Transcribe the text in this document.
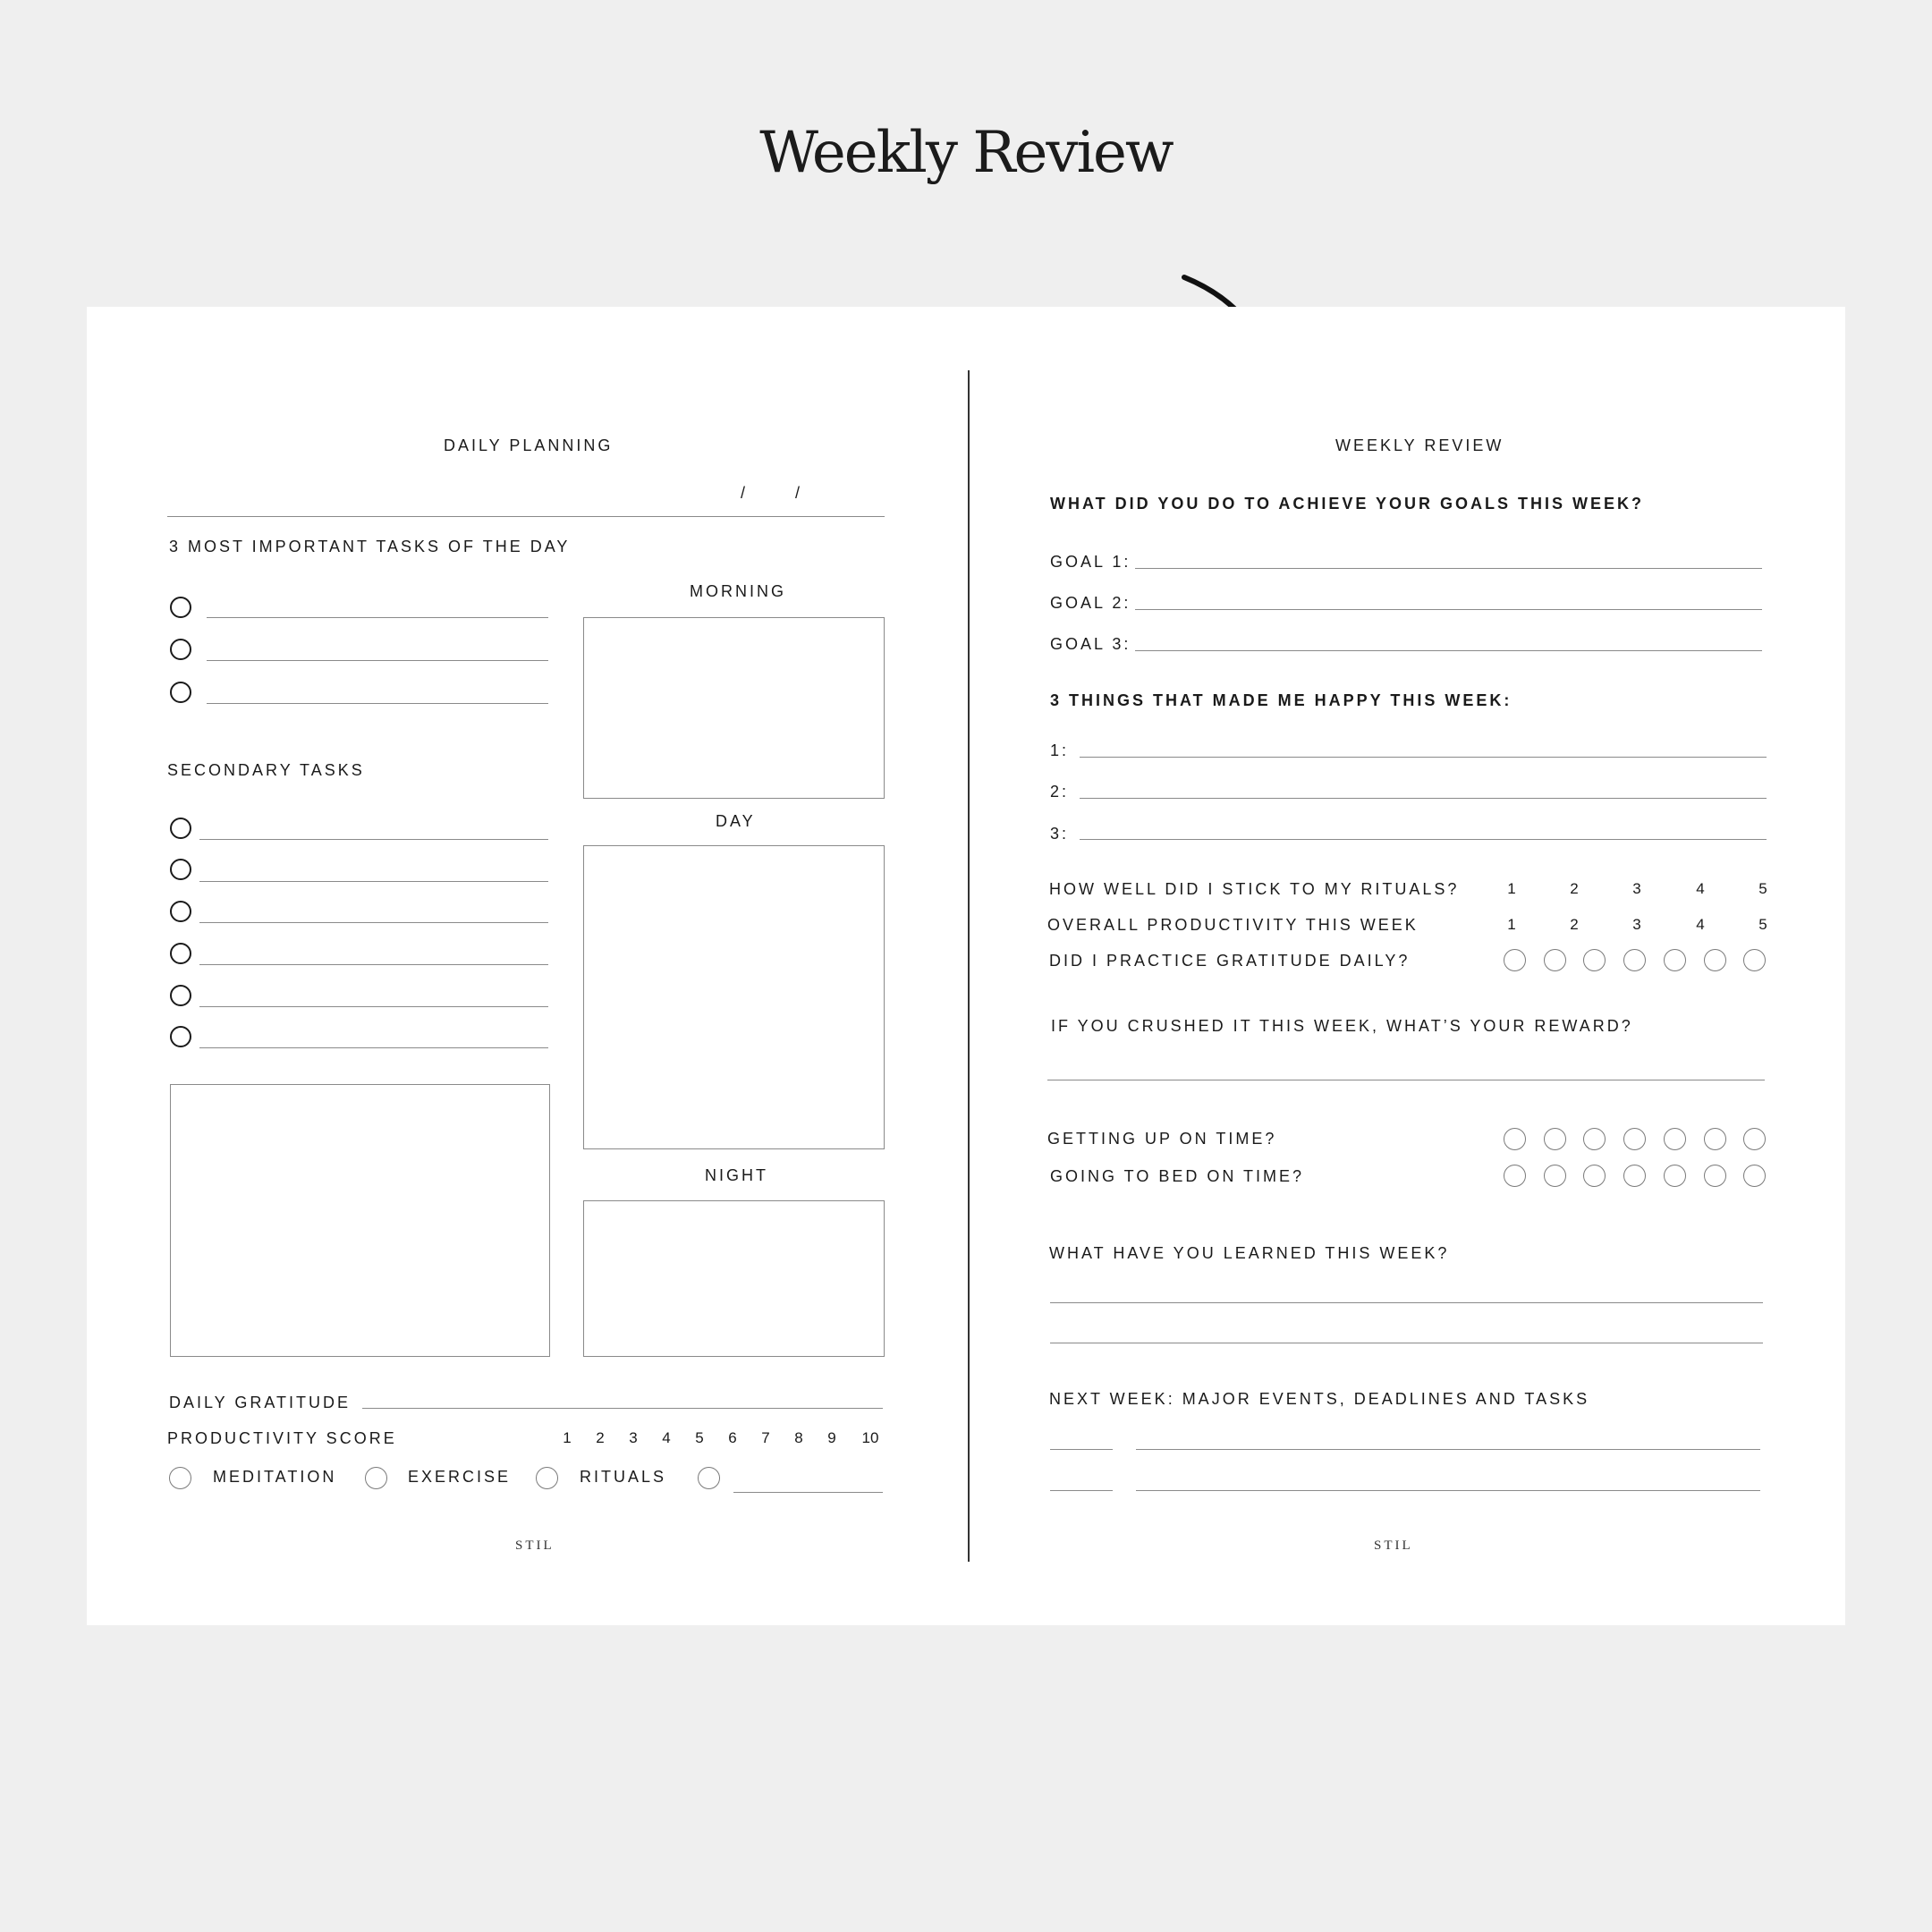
Weekly Review
DAILY PLANNING
/	/
3 MOST IMPORTANT TASKS OF THE DAY
MORNING
SECONDARY TASKS
DAY
NIGHT
DAILY GRATITUDE
PRODUCTIVITY SCORE	1	2	3	4	5	6	7	8	9	10
MEDITATION	EXERCISE	RITUALS
STIL
WEEKLY REVIEW
WHAT DID YOU DO TO ACHIEVE YOUR GOALS THIS WEEK?
GOAL 1:
GOAL 2:
GOAL 3:
3 THINGS THAT MADE ME HAPPY THIS WEEK:
1:
2:
3:
HOW WELL DID I STICK TO MY RITUALS?	1	2	3	4	5
OVERALL PRODUCTIVITY THIS WEEK	1	2	3	4	5
DID I PRACTICE GRATITUDE DAILY?
IF YOU CRUSHED IT THIS WEEK, WHAT’S YOUR REWARD?
GETTING UP ON TIME?
GOING TO BED ON TIME?
WHAT HAVE YOU LEARNED THIS WEEK?
NEXT WEEK: MAJOR EVENTS, DEADLINES AND TASKS
STIL
